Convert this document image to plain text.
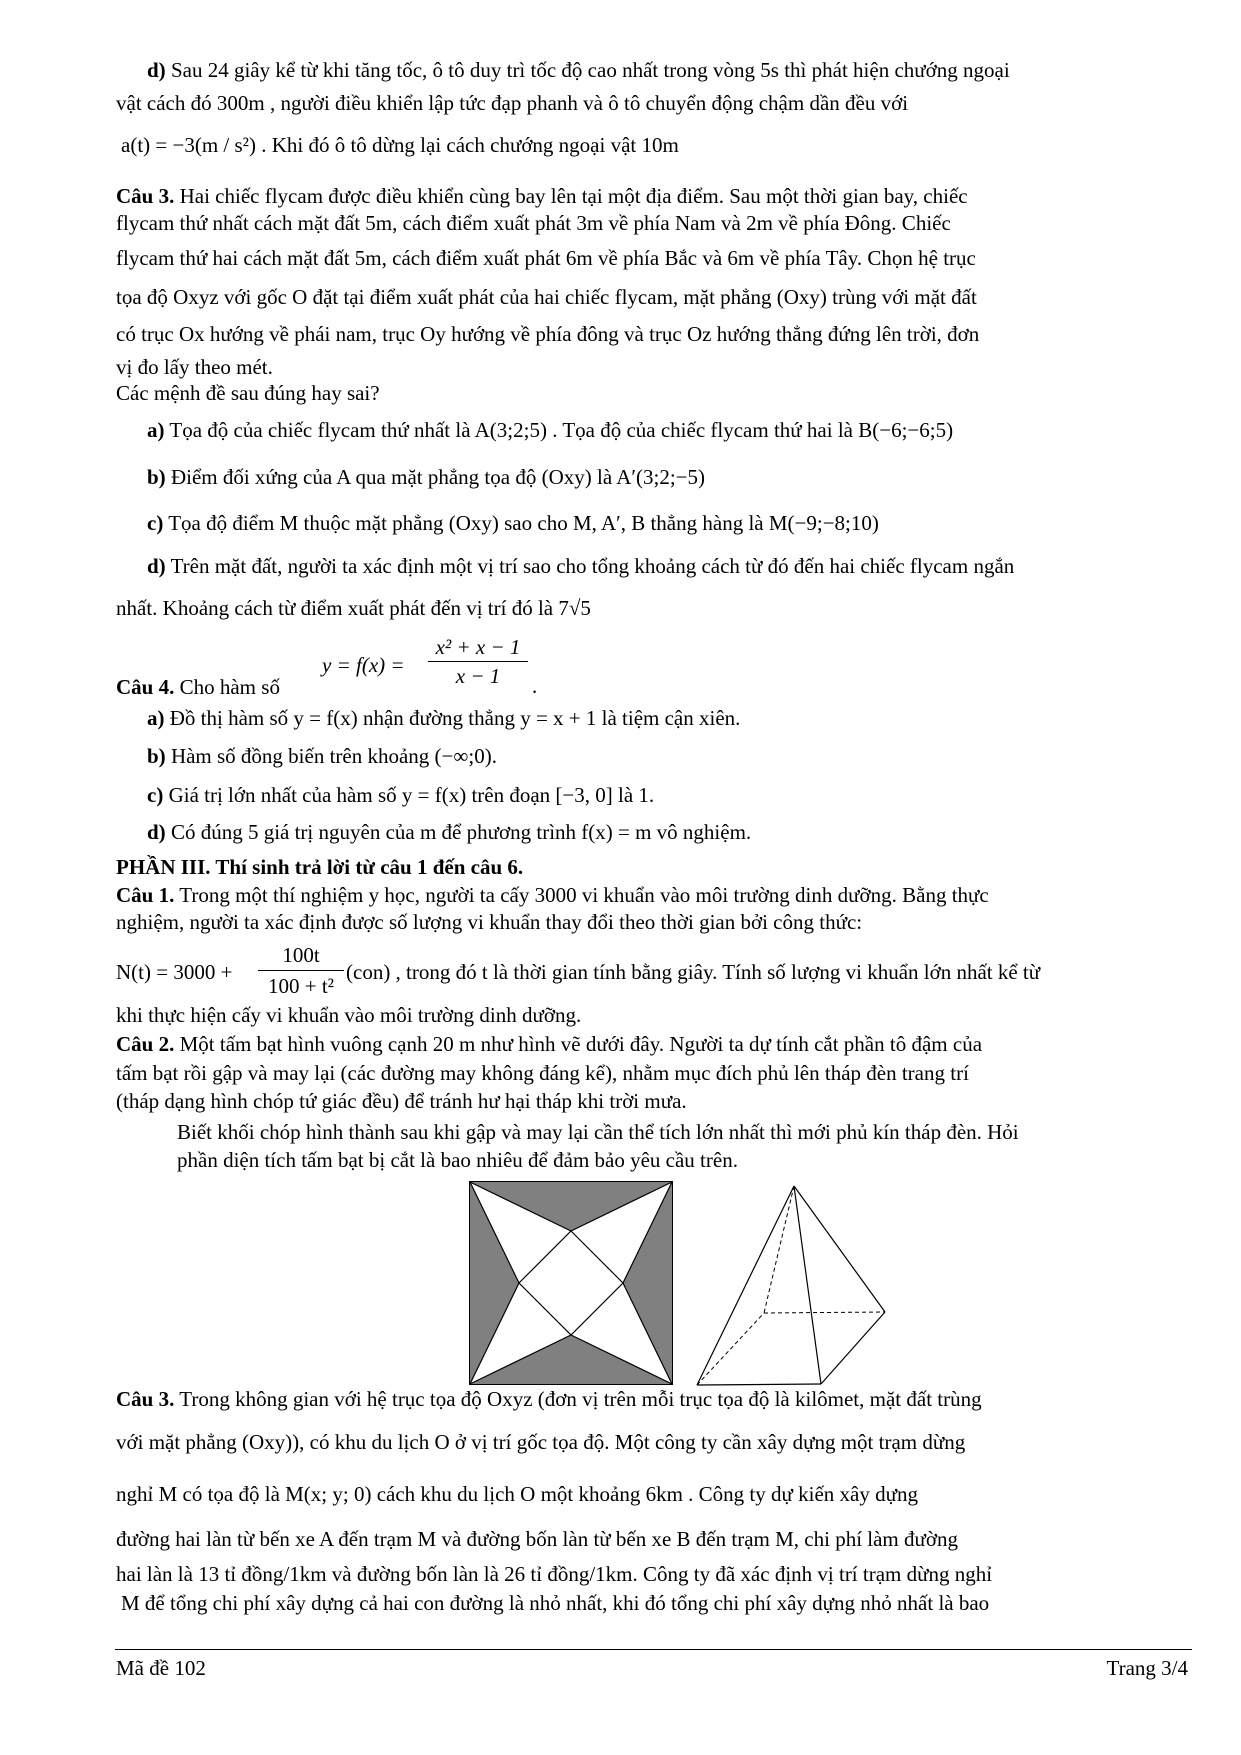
d) Sau 24 giây kể từ khi tăng tốc, ô tô duy trì tốc độ cao nhất trong vòng 5s thì phát hiện chướng ngoại
vật cách đó 300m , người điều khiển lập tức đạp phanh và ô tô chuyển động chậm dần đều với
a(t) = −3(m / s²) . Khi đó ô tô dừng lại cách chướng ngoại vật 10m
Câu 3. Hai chiếc flycam được điều khiển cùng bay lên tại một địa điểm. Sau một thời gian bay, chiếc
flycam thứ nhất cách mặt đất 5m, cách điểm xuất phát 3m về phía Nam và 2m về phía Đông. Chiếc
flycam thứ hai cách mặt đất 5m, cách điểm xuất phát 6m về phía Bắc và 6m về phía Tây. Chọn hệ trục
tọa độ Oxyz với gốc O đặt tại điểm xuất phát của hai chiếc flycam, mặt phẳng (Oxy) trùng với mặt đất
có trục Ox hướng về phái nam, trục Oy hướng về phía đông và trục Oz hướng thẳng đứng lên trời, đơn
vị đo lấy theo mét.
Các mệnh đề sau đúng hay sai?
a) Tọa độ của chiếc flycam thứ nhất là A(3;2;5) . Tọa độ của chiếc flycam thứ hai là B(−6;−6;5)
b) Điểm đối xứng của A qua mặt phẳng tọa độ (Oxy) là A′(3;2;−5)
c) Tọa độ điểm M thuộc mặt phẳng (Oxy) sao cho M, A′, B thẳng hàng là M(−9;−8;10)
d) Trên mặt đất, người ta xác định một vị trí sao cho tổng khoảng cách từ đó đến hai chiếc flycam ngắn
nhất. Khoảng cách từ điểm xuất phát đến vị trí đó là 7√5
Câu 4. Cho hàm số
$y = f(x) = \frac{\text{x² + x − 1}}{x - 1}$ .
a) Đồ thị hàm số y = f(x) nhận đường thẳng y = x + 1 là tiệm cận xiên.
b) Hàm số đồng biến trên khoảng (−∞;0).
c) Giá trị lớn nhất của hàm số y = f(x) trên đoạn [−3, 0] là 1.
d) Có đúng 5 giá trị nguyên của m để phương trình f(x) = m vô nghiệm.
PHẦN III. Thí sinh trả lời từ câu 1 đến câu 6.
Câu 1. Trong một thí nghiệm y học, người ta cấy 3000 vi khuẩn vào môi trường dinh dưỡng. Bằng thực
nghiệm, người ta xác định được số lượng vi khuẩn thay đổi theo thời gian bởi công thức:
$N(t) = 3000 + \frac{100t}{\text{100 + t²}} (con)$ , trong đó t là thời gian tính bằng giây. Tính số lượng vi khuẩn lớn nhất kể từ
khi thực hiện cấy vi khuẩn vào môi trường dinh dưỡng.
Câu 2. Một tấm bạt hình vuông cạnh 20 m như hình vẽ dưới đây. Người ta dự tính cắt phần tô đậm của
tấm bạt rồi gập và may lại (các đường may không đáng kể), nhằm mục đích phủ lên tháp đèn trang trí
(tháp dạng hình chóp tứ giác đều) để tránh hư hại tháp khi trời mưa.
Biết khối chóp hình thành sau khi gập và may lại cần thể tích lớn nhất thì mới phủ kín tháp đèn. Hỏi
phần diện tích tấm bạt bị cắt là bao nhiêu để đảm bảo yêu cầu trên.
Câu 3. Trong không gian với hệ trục tọa độ Oxyz (đơn vị trên mỗi trục tọa độ là kilômet, mặt đất trùng
với mặt phẳng (Oxy)), có khu du lịch O ở vị trí gốc tọa độ. Một công ty cần xây dựng một trạm dừng
nghỉ M có tọa độ là M(x; y; 0) cách khu du lịch O một khoảng 6km . Công ty dự kiến xây dựng
đường hai làn từ bến xe A đến trạm M và đường bốn làn từ bến xe B đến trạm M, chi phí làm đường
hai làn là 13 tỉ đồng/1km và đường bốn làn là 26 tỉ đồng/1km. Công ty đã xác định vị trí trạm dừng nghỉ
M để tổng chi phí xây dựng cả hai con đường là nhỏ nhất, khi đó tổng chi phí xây dựng nhỏ nhất là bao
Mã đề 102	Trang 3/4
